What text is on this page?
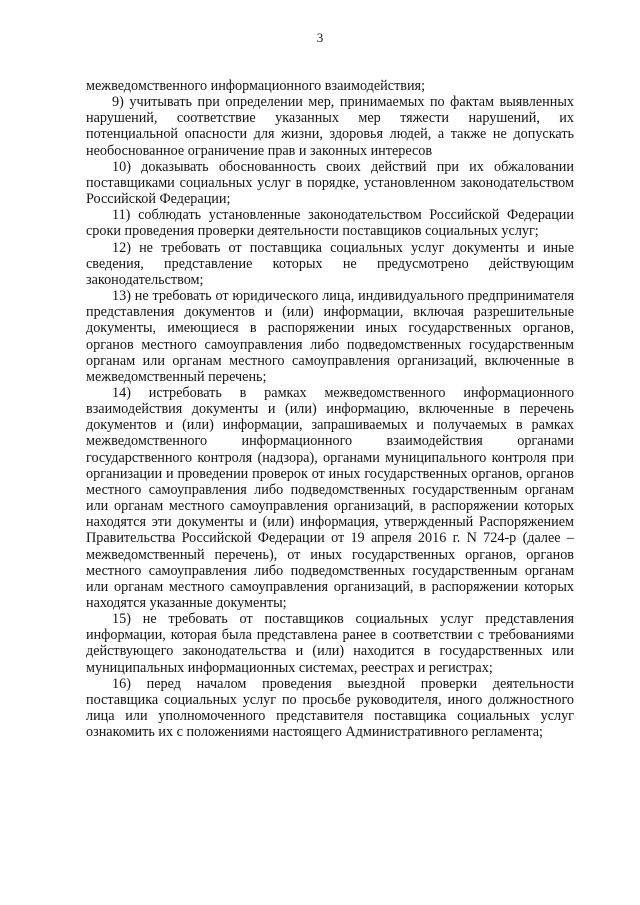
3

межведомственного информационного взаимодействия;

9) учитывать при определении мер, принимаемых по фактам выявленных нарушений, соответствие указанных мер тяжести нарушений, их потенциальной опасности для жизни, здоровья людей, а также не допускать необоснованное ограничение прав и законных интересов

10) доказывать обоснованность своих действий при их обжаловании поставщиками социальных услуг в порядке, установленном законодательством Российской Федерации;

11) соблюдать установленные законодательством Российской Федерации сроки проведения проверки деятельности поставщиков социальных услуг;

12) не требовать от поставщика социальных услуг документы и иные сведения, представление которых не предусмотрено действующим законодательством;

13) не требовать от юридического лица, индивидуального предпринимателя представления документов и (или) информации, включая разрешительные документы, имеющиеся в распоряжении иных государственных органов, органов местного самоуправления либо подведомственных государственным органам или органам местного самоуправления организаций, включенные в межведомственный перечень;

14) истребовать в рамках межведомственного информационного взаимодействия документы и (или) информацию, включенные в перечень документов и (или) информации, запрашиваемых и получаемых в рамках межведомственного информационного взаимодействия органами государственного контроля (надзора), органами муниципального контроля при организации и проведении проверок от иных государственных органов, органов местного самоуправления либо подведомственных государственным органам или органам местного самоуправления организаций, в распоряжении которых находятся эти документы и (или) информация, утвержденный Распоряжением Правительства Российской Федерации от 19 апреля 2016 г. N 724-р (далее – межведомственный перечень), от иных государственных органов, органов местного самоуправления либо подведомственных государственным органам или органам местного самоуправления организаций, в распоряжении которых находятся указанные документы;

15) не требовать от поставщиков социальных услуг представления информации, которая была представлена ранее в соответствии с требованиями действующего законодательства и (или) находится в государственных или муниципальных информационных системах, реестрах и регистрах;

16) перед началом проведения выездной проверки деятельности поставщика социальных услуг по просьбе руководителя, иного должностного лица или уполномоченного представителя поставщика социальных услуг ознакомить их с положениями настоящего Административного регламента;
